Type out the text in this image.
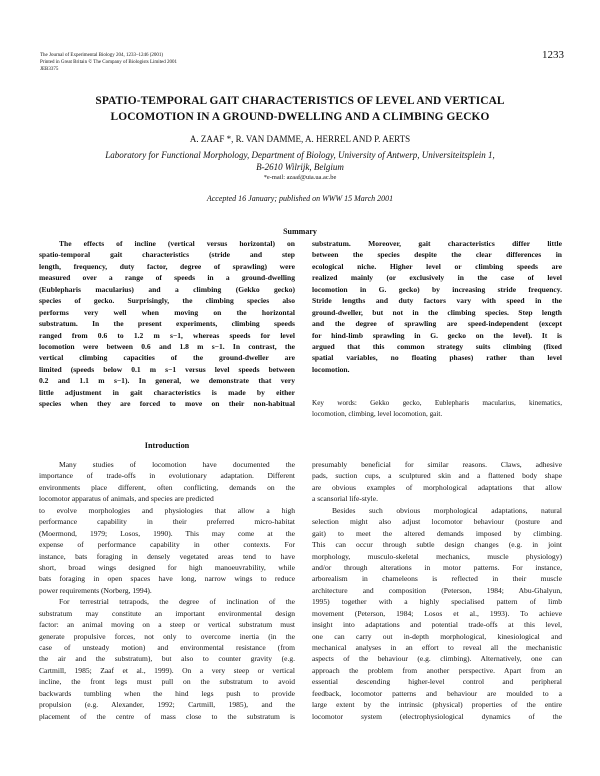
The Journal of Experimental Biology 204, 1233–1246 (2001)
Printed in Great Britain © The Company of Biologists Limited 2001
JEB3375
1233
SPATIO-TEMPORAL GAIT CHARACTERISTICS OF LEVEL AND VERTICAL
LOCOMOTION IN A GROUND-DWELLING AND A CLIMBING GECKO
A. ZAAF *, R. VAN DAMME, A. HERREL AND P. AERTS
Laboratory for Functional Morphology, Department of Biology, University of Antwerp, Universiteitsplein 1,
B-2610 Wilrijk, Belgium
*e-mail: azaaf@uia.ua.ac.be
Accepted 16 January; published on WWW 15 March 2001
Summary
The effects of incline (vertical versus horizontal) on
spatio-temporal gait characteristics (stride and step
length, frequency, duty factor, degree of sprawling) were
measured over a range of speeds in a ground-dwelling
(Eublepharis macularius) and a climbing (Gekko gecko)
species of gecko. Surprisingly, the climbing species also
performs very well when moving on the horizontal
substratum. In the present experiments, climbing speeds
ranged from 0.6 to 1.2 m s−1, whereas speeds for level
locomotion were between 0.6 and 1.8 m s−1. In contrast, the
vertical climbing capacities of the ground-dweller are
limited (speeds below 0.1 m s−1 versus level speeds between
0.2 and 1.1 m s−1). In general, we demonstrate that very
little adjustment in gait characteristics is made by either
species when they are forced to move on their non-habitual
substratum. Moreover, gait characteristics differ little
between the species despite the clear differences in
ecological niche. Higher level or climbing speeds are
realized mainly (or exclusively in the case of level
locomotion in G. gecko) by increasing stride frequency.
Stride lengths and duty factors vary with speed in the
ground-dweller, but not in the climbing species. Step length
and the degree of sprawling are speed-independent (except
for hind-limb sprawling in G. gecko on the level). It is
argued that this common strategy suits climbing (fixed
spatial variables, no floating phases) rather than level
locomotion.
Key words: Gekko gecko, Eublepharis macularius, kinematics,
locomotion, climbing, level locomotion, gait.
Introduction
Many studies of locomotion have documented the
importance of trade-offs in evolutionary adaptation. Different
environments place different, often conflicting, demands on the
locomotor apparatus of animals, and species are predicted
to evolve morphologies and physiologies that allow a high
performance capability in their preferred micro-habitat
(Moermond, 1979; Losos, 1990). This may come at the
expense of performance capability in other contexts. For
instance, bats foraging in densely vegetated areas tend to have
short, broad wings designed for high manoeuvrability, while
bats foraging in open spaces have long, narrow wings to reduce
power requirements (Norberg, 1994).
For terrestrial tetrapods, the degree of inclination of the
substratum may constitute an important environmental design
factor: an animal moving on a steep or vertical substratum must
generate propulsive forces, not only to overcome inertia (in the
case of unsteady motion) and environmental resistance (from
the air and the substratum), but also to counter gravity (e.g.
Cartmill, 1985; Zaaf et al., 1999). On a very steep or vertical
incline, the front legs must pull on the substratum to avoid
backwards tumbling when the hind legs push to provide
propulsion (e.g. Alexander, 1992; Cartmill, 1985), and the
placement of the centre of mass close to the substratum is
presumably beneficial for similar reasons. Claws, adhesive
pads, suction cups, a sculptured skin and a flattened body shape
are obvious examples of morphological adaptations that allow
a scansorial life-style.
Besides such obvious morphological adaptations, natural
selection might also adjust locomotor behaviour (posture and
gait) to meet the altered demands imposed by climbing.
This can occur through subtle design changes (e.g. in joint
morphology, musculo-skeletal mechanics, muscle physiology)
and/or through alterations in motor patterns. For instance,
arborealism in chameleons is reflected in their muscle
architecture and composition (Peterson, 1984; Abu-Ghalyun,
1995) together with a highly specialised pattern of limb
movement (Peterson, 1984; Losos et al., 1993). To achieve
insight into adaptations and potential trade-offs at this level,
one can carry out in-depth morphological, kinesiological and
mechanical analyses in an effort to reveal all the mechanistic
aspects of the behaviour (e.g. climbing). Alternatively, one can
approach the problem from another perspective. Apart from an
essential descending higher-level control and peripheral
feedback, locomotor patterns and behaviour are moulded to a
large extent by the intrinsic (physical) properties of the entire
locomotor system (electrophysiological dynamics of the
